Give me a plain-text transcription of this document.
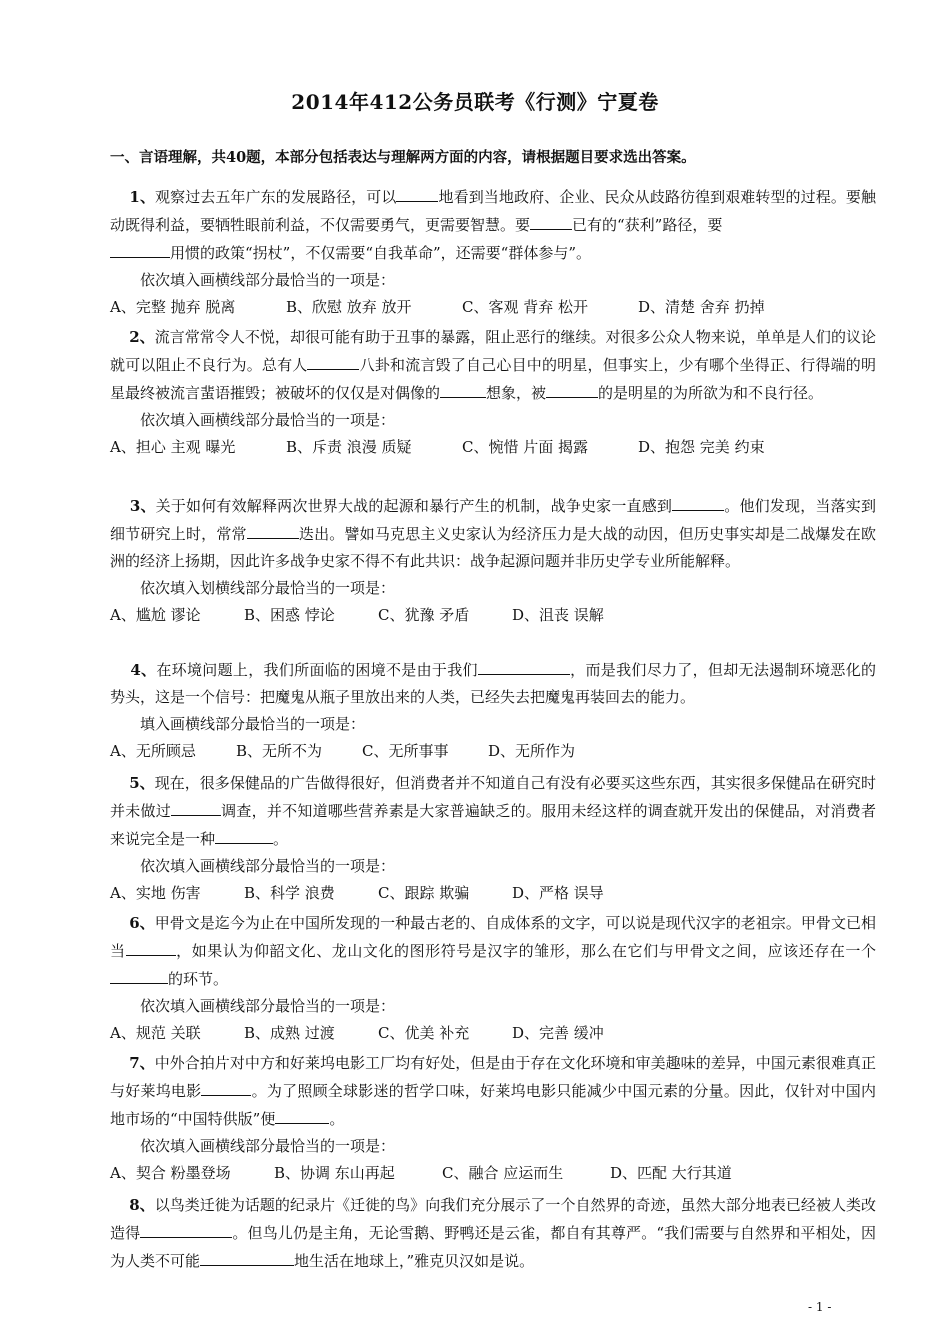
2014年412公务员联考《行测》宁夏卷
一、言语理解，共40题，本部分包括表达与理解两方面的内容，请根据题目要求选出答案。
1、观察过去五年广东的发展路径，可以	地看到当地政府、企业、民众从歧路彷徨到艰难转型的过程。要触动既得利益，要牺牲眼前利益，不仅需要勇气，更需要智慧。要	已有的“获利”路径，要
用惯的政策“拐杖”，不仅需要“自我革命”，还需要“群体参与”。
依次填入画横线部分最恰当的一项是：
A、完整 抛弃 脱离	B、欣慰 放弃 放开	C、客观 背弃 松开	D、清楚 舍弃 扔掉
2、流言常常令人不悦，却很可能有助于丑事的暴露，阻止恶行的继续。对很多公众人物来说，单单是人们的议论就可以阻止不良行为。总有人	八卦和流言毁了自己心目中的明星，但事实上，少有哪个坐得正、行得端的明星最终被流言蜚语摧毁；被破坏的仅仅是对偶像的	想象，被	的是明星的为所欲为和不良行径。
依次填入画横线部分最恰当的一项是：
A、担心 主观 曝光	B、斥责 浪漫 质疑	C、惋惜 片面 揭露	D、抱怨 完美 约束
3、关于如何有效解释两次世界大战的起源和暴行产生的机制，战争史家一直感到	。他们发现，当落实到细节研究上时，常常	迭出。譬如马克思主义史家认为经济压力是大战的动因，但历史事实却是二战爆发在欧洲的经济上扬期，因此许多战争史家不得不有此共识：战争起源问题并非历史学专业所能解释。
依次填入划横线部分最恰当的一项是：
A、尴尬 谬论	B、困惑 悖论	C、犹豫 矛盾	D、沮丧 误解
4、在环境问题上，我们所面临的困境不是由于我们	，而是我们尽力了，但却无法遏制环境恶化的势头，这是一个信号：把魔鬼从瓶子里放出来的人类，已经失去把魔鬼再装回去的能力。
填入画横线部分最恰当的一项是：
A、无所顾忌	B、无所不为	C、无所事事	D、无所作为
5、现在，很多保健品的广告做得很好，但消费者并不知道自己有没有必要买这些东西，其实很多保健品在研究时并未做过	调查，并不知道哪些营养素是大家普遍缺乏的。服用未经这样的调查就开发出的保健品，对消费者来说完全是一种	。
依次填入画横线部分最恰当的一项是：
A、实地 伤害	B、科学 浪费	C、跟踪 欺骗	D、严格 误导
6、甲骨文是迄今为止在中国所发现的一种最古老的、自成体系的文字，可以说是现代汉字的老祖宗。甲骨文已相当	，如果认为仰韶文化、龙山文化的图形符号是汉字的雏形，那么在它们与甲骨文之间，应该还存在一个的环节。
依次填入画横线部分最恰当的一项是：
A、规范 关联	B、成熟 过渡	C、优美 补充	D、完善 缓冲
7、中外合拍片对中方和好莱坞电影工厂均有好处，但是由于存在文化环境和审美趣味的差异，中国元素很难真正与好莱坞电影	。为了照顾全球影迷的哲学口味，好莱坞电影只能减少中国元素的分量。因此，仅针对中国内地市场的“中国特供版”便	。
依次填入画横线部分最恰当的一项是：
A、契合 粉墨登场	B、协调 东山再起	C、融合 应运而生	D、匹配 大行其道
8、以鸟类迁徙为话题的纪录片《迁徙的鸟》向我们充分展示了一个自然界的奇迹，虽然大部分地表已经被人类改造得	。但鸟儿仍是主角，无论雪鹅、野鸭还是云雀，都自有其尊严。“我们需要与自然界和平相处，因为人类不可能	地生活在地球上，”雅克贝汉如是说。
- 1 -
